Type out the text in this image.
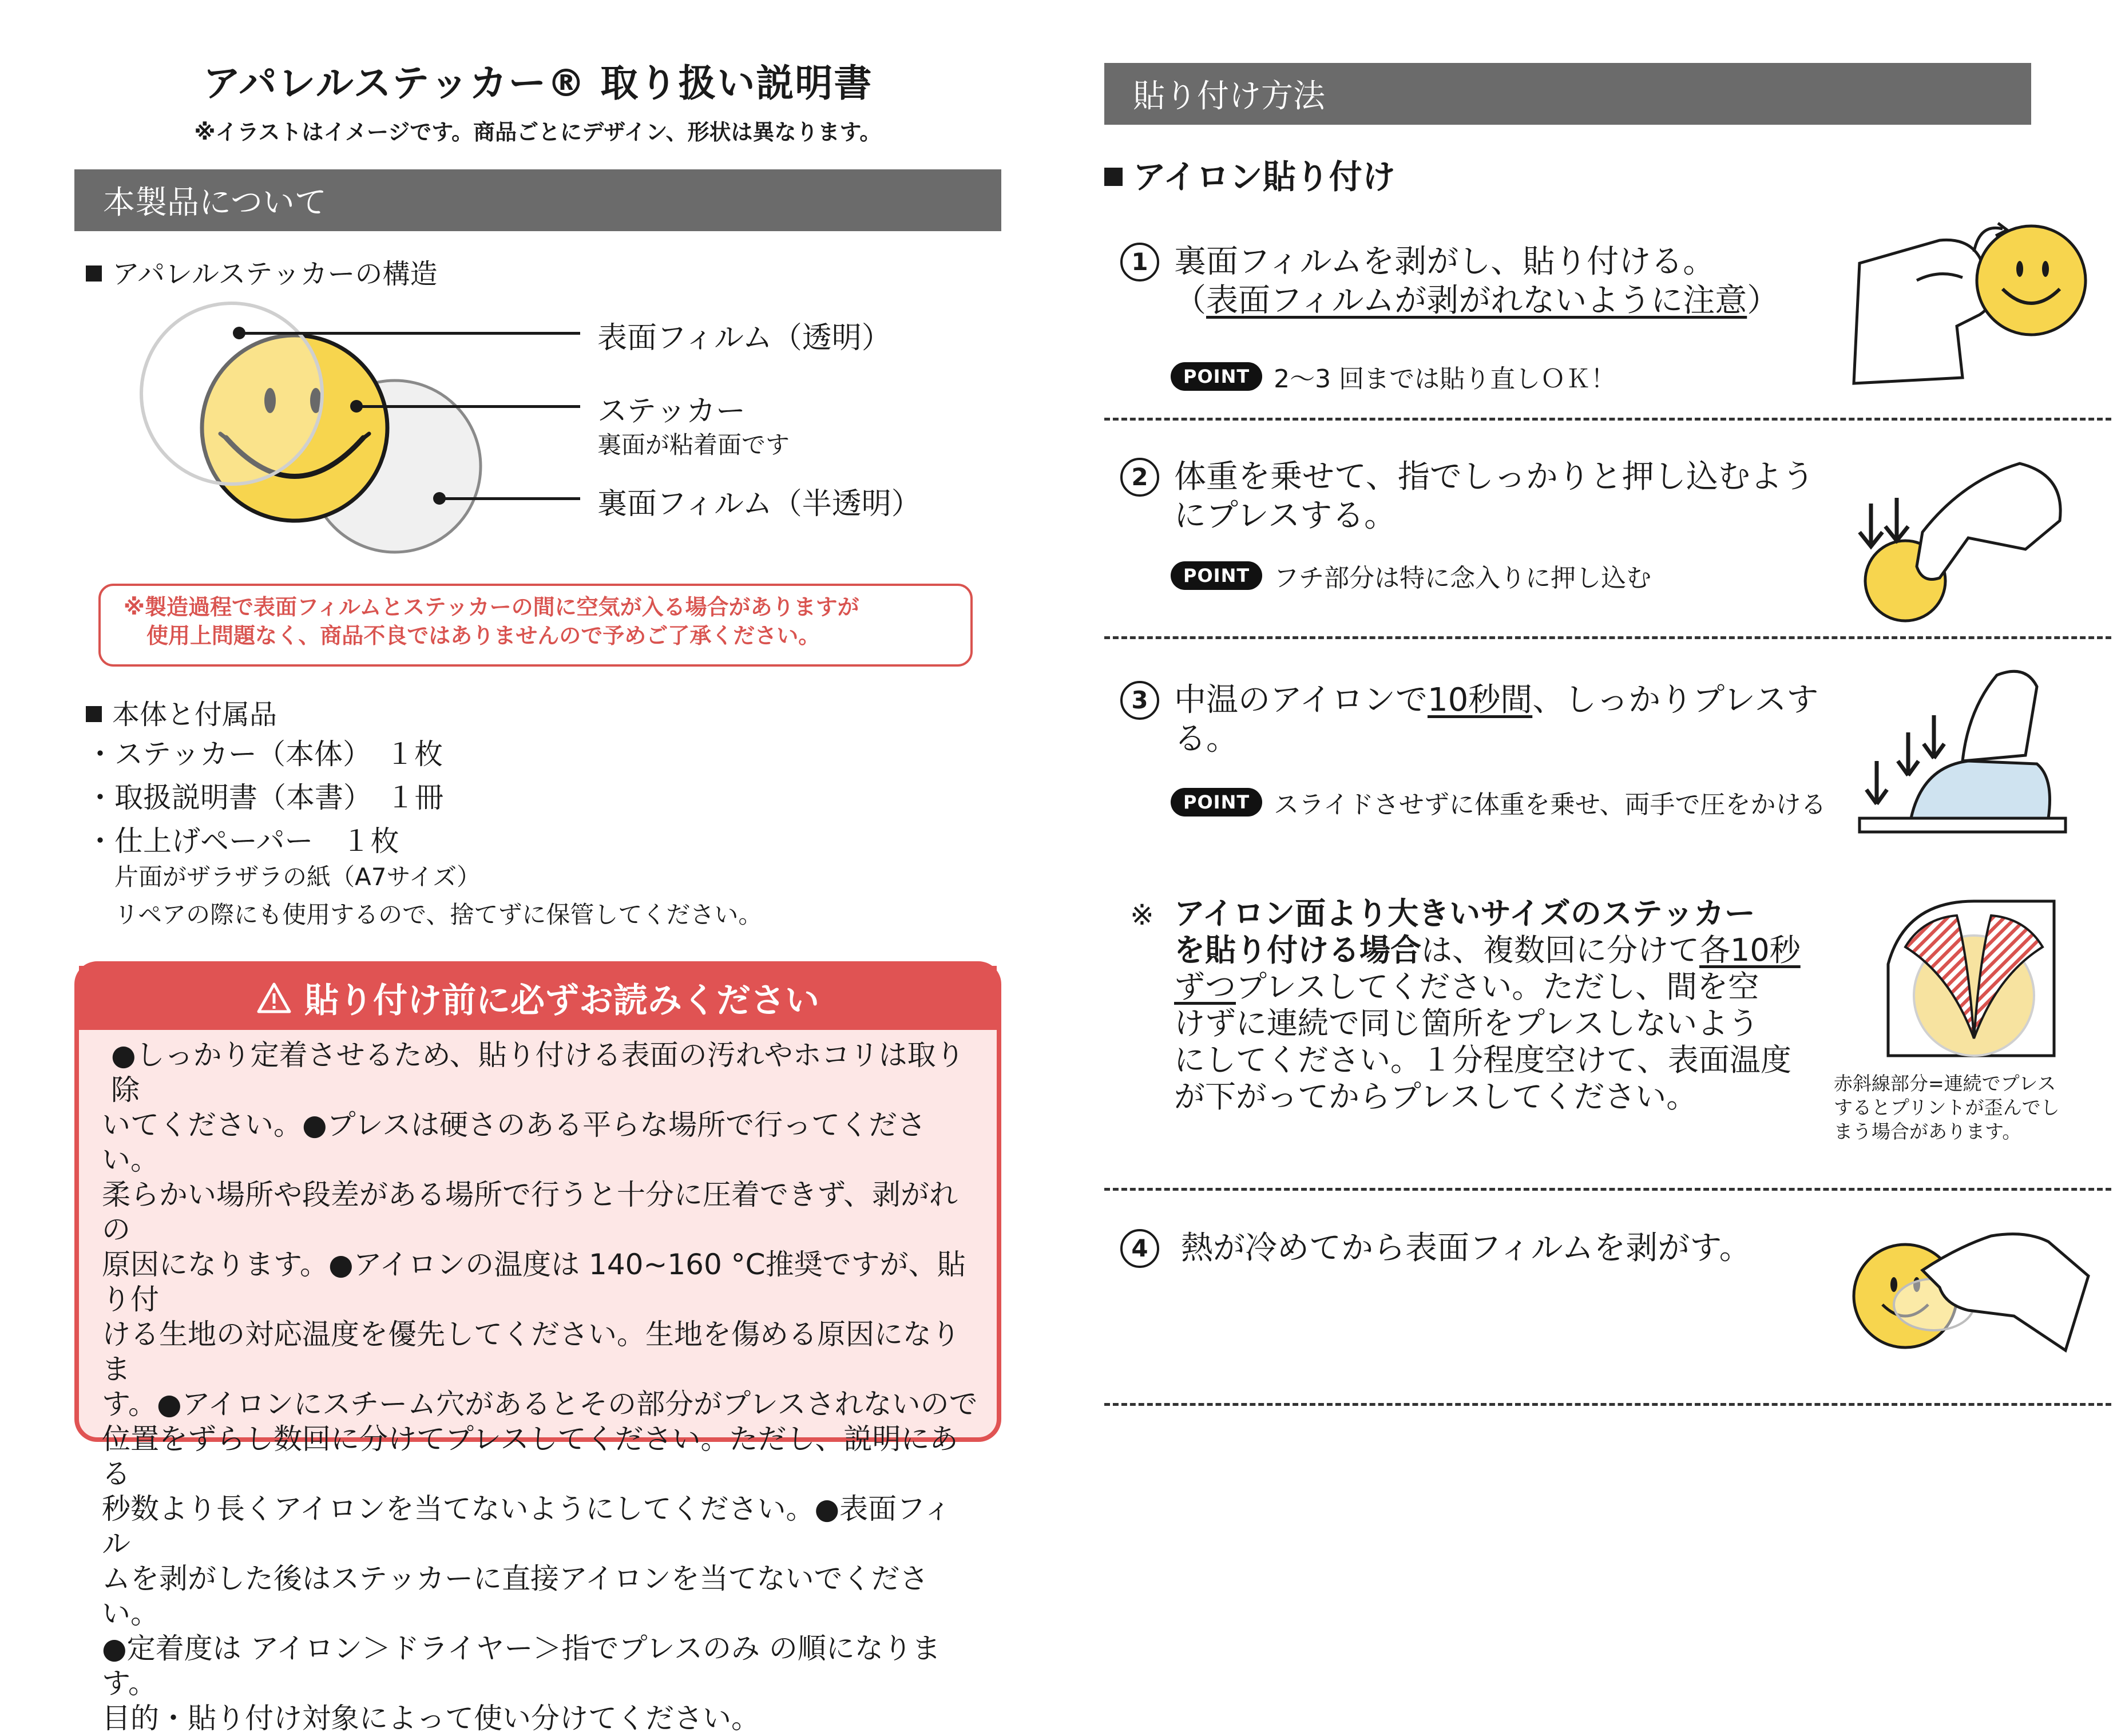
アパレルステッカー® 取り扱い説明書
※イラストはイメージです。商品ごとにデザイン、形状は異なります。
本製品について
アパレルステッカーの構造
表面フィルム（透明）
ステッカー
裏面が粘着面です
裏面フィルム（半透明）
※製造過程で表面フィルムとステッカーの間に空気が入る場合がありますが
使用上問題なく、商品不良ではありませんので予めご了承ください。
本体と付属品
・ステッカー（本体）　１枚
・取扱説明書（本書）　１冊
・仕上げペーパー　１枚
片面がザラザラの紙（A7サイズ）
リペアの際にも使用するので、捨てずに保管してください。
貼り付け前に必ずお読みください
●しっかり定着させるため、貼り付ける表面の汚れやホコリは取り除
いてください。●プレスは硬さのある平らな場所で行ってください。
柔らかい場所や段差がある場所で行うと十分に圧着できず、剥がれの
原因になります。●アイロンの温度は 140~160 °C推奨ですが、貼り付
ける生地の対応温度を優先してください。生地を傷める原因になりま
す。●アイロンにスチーム穴があるとその部分がプレスされないので
位置をずらし数回に分けてプレスしてください。ただし、説明にある
秒数より長くアイロンを当てないようにしてください。●表面フィル
ムを剥がした後はステッカーに直接アイロンを当てないでください。
●定着度は アイロン＞ドライヤー＞指でプレスのみ の順になります。
目的・貼り付け対象によって使い分けてください。
貼り付け方法
アイロン貼り付け
1 裏面フィルムを剥がし、貼り付ける。
（表面フィルムが剥がれないように注意）
POINT 2〜3 回までは貼り直しＯＫ！
2 体重を乗せて、指でしっかりと押し込むよう
にプレスする。
POINT フチ部分は特に念入りに押し込む
3 中温のアイロンで10秒間、しっかりプレスす
る。
POINT スライドさせずに体重を乗せ、両手で圧をかける
※ アイロン面より大きいサイズのステッカー
を貼り付ける場合は、複数回に分けて各10秒
ずつプレスしてください。ただし、間を空
けずに連続で同じ箇所をプレスしないよう
にしてください。１分程度空けて、表面温度
が下がってからプレスしてください。	赤斜線部分=連続でプレス
するとプリントが歪んでし
まう場合があります。
4	熱が冷めてから表面フィルムを剥がす。
